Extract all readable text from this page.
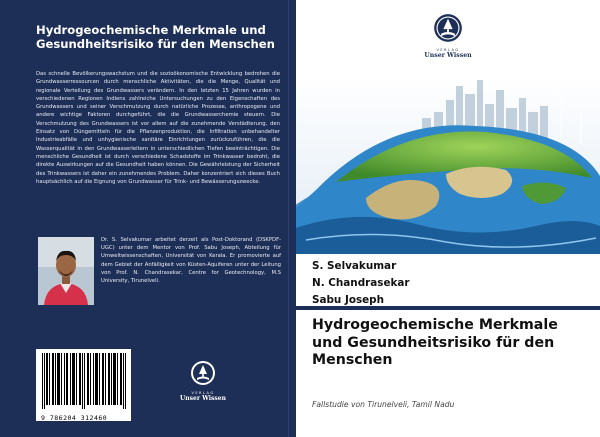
Hydrogeochemische Merkmale und Gesundheitsrisiko für den Menschen
Das schnelle Bevölkerungswachstum und die sozioökonomische Entwicklung bedrohen die Grundwasserressourcen durch menschliche Aktivitäten, die die Menge, Qualität und regionale Verteilung des Grundwassers verändern. In den letzten 15 Jahren wurden in verschiedenen Regionen Indiens zahlreiche Untersuchungen zu den Eigenschaften des Grundwassers und seiner Verschmutzung durch natürliche Prozesse, anthropogene und andere wichtige Faktoren durchgeführt, die die Grundwasserchemie steuern. Die Verschmutzung des Grundwassers ist vor allem auf die zunehmende Verstädterung, den Einsatz von Düngemitteln für die Pflanzenproduktion, die Infiltration unbehandelter Industrieabfälle und unhygienische sanitäre Einrichtungen zurückzuführen, die die Wasserqualität in den Grundwasserleitern in unterschiedlichen Tiefen beeinträchtigen. Die menschliche Gesundheit ist durch verschiedene Schadstoffe im Trinkwasser bedroht, die direkte Auswirkungen auf die Gesundheit haben können. Die Gewährleistung der Sicherheit des Trinkwassers ist daher ein zunehmendes Problem. Daher konzentriert sich dieses Buch hauptsächlich auf die Eignung von Grundwasser für Trink- und Bewässerungszwecke.
Dr. S. Selvakumar arbeitet derzeit als Post-Doktorand (DSKPDF-UGC) unter dem Mentor von Prof. Sabu Joseph, Abteilung für Umweltwissenschaften, Universität von Kerala. Er promovierte auf dem Gebiet der Anfälligkeit von Küsten-Aquiferen unter der Leitung von Prof. N. Chandrasekar, Centre for Geotechnology, M.S University, Tirunelveli.
9 786204 312460
VERLAG
Unser Wissen
VERLAG
Unser Wissen
S. Selvakumar
N. Chandrasekar
Sabu Joseph
Hydrogeochemische Merkmale und Gesundheitsrisiko für den Menschen
Fallstudie von Tirunelveli, Tamil Nadu
